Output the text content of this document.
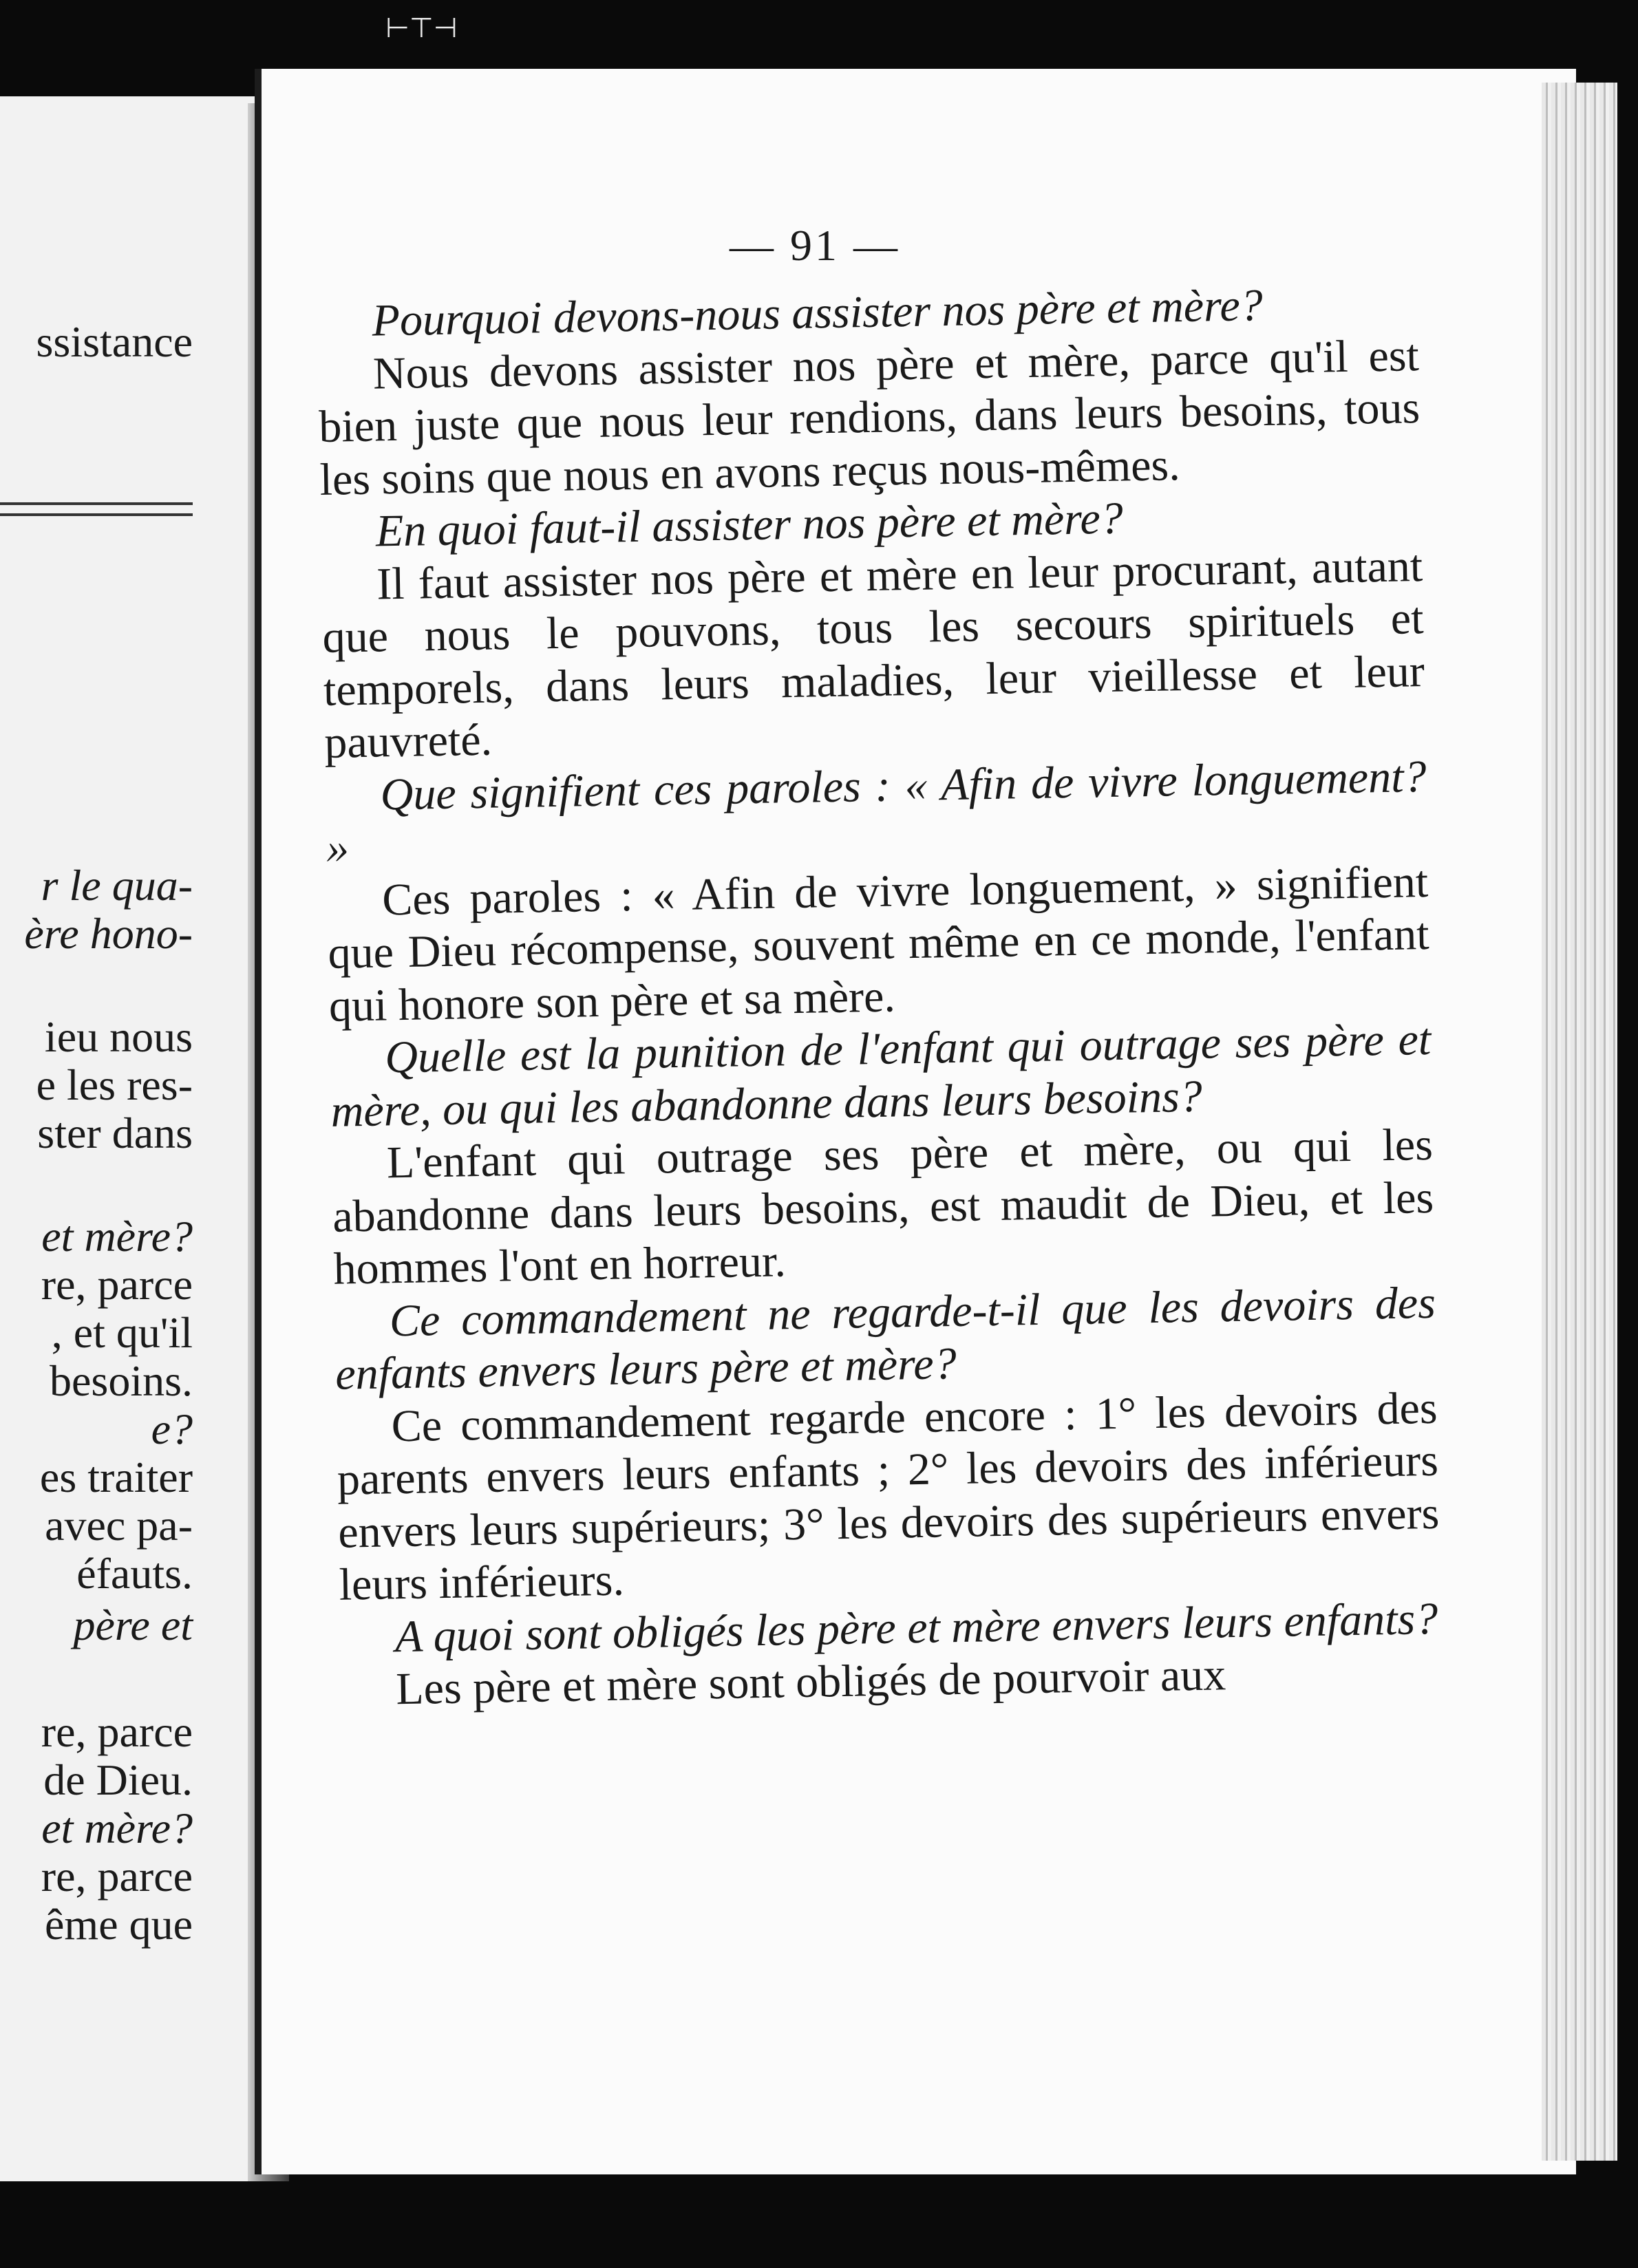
⊢⊤⊣
ssistance
r le qua-
ère hono-
ieu nous
e les res-
ster dans
et mère?
re, parce
, et qu'il
besoins.
e?
es traiter
avec pa-
éfauts.
père et
re, parce
de Dieu.
et mère?
re, parce
ême que
— 91 —

Pourquoi devons-nous assister nos père et mère?

Nous devons assister nos père et mère, parce qu'il est bien juste que nous leur rendions, dans leurs besoins, tous les soins que nous en avons reçus nous-mêmes.

En quoi faut-il assister nos père et mère?

Il faut assister nos père et mère en leur procurant, autant que nous le pouvons, tous les secours spirituels et temporels, dans leurs maladies, leur vieillesse et leur pauvreté.

Que signifient ces paroles : « Afin de vivre longuement? »

Ces paroles : « Afin de vivre longuement, » signifient que Dieu récompense, souvent même en ce monde, l'enfant qui honore son père et sa mère.

Quelle est la punition de l'enfant qui outrage ses père et mère, ou qui les abandonne dans leurs besoins?

L'enfant qui outrage ses père et mère, ou qui les abandonne dans leurs besoins, est maudit de Dieu, et les hommes l'ont en horreur.

Ce commandement ne regarde-t-il que les devoirs des enfants envers leurs père et mère?

Ce commandement regarde encore : 1° les devoirs des parents envers leurs enfants ; 2° les devoirs des inférieurs envers leurs supérieurs; 3° les devoirs des supérieurs envers leurs inférieurs.

A quoi sont obligés les père et mère envers leurs enfants?

Les père et mère sont obligés de pourvoir aux
